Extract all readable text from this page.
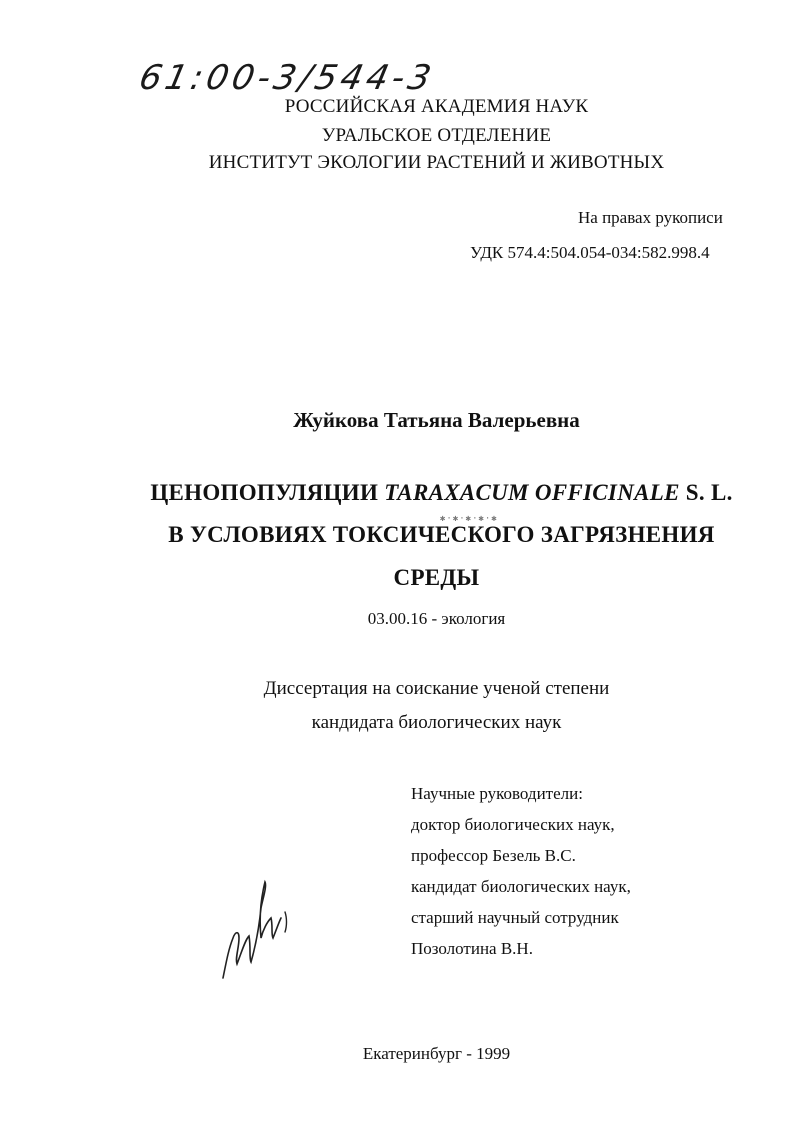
61:00-3/544-3
РОССИЙСКАЯ АКАДЕМИЯ НАУК
УРАЛЬСКОЕ ОТДЕЛЕНИЕ
ИНСТИТУТ ЭКОЛОГИИ РАСТЕНИЙ И ЖИВОТНЫХ
На правах рукописи
УДК 574.4:504.054-034:582.998.4
Жуйкова Татьяна Валерьевна
ЦЕНОПОПУЛЯЦИИ TARAXACUM OFFICINALE S. L.
✱·✱·✱·✱·✱
В УСЛОВИЯХ ТОКСИЧЕСКОГО ЗАГРЯЗНЕНИЯ
СРЕДЫ
03.00.16 - экология
Диссертация на соискание ученой степени
кандидата биологических наук
Научные руководители:
доктор биологических наук,
профессор Безель В.С.
кандидат биологических наук,
старший научный сотрудник
Позолотина В.Н.
Екатеринбург - 1999
